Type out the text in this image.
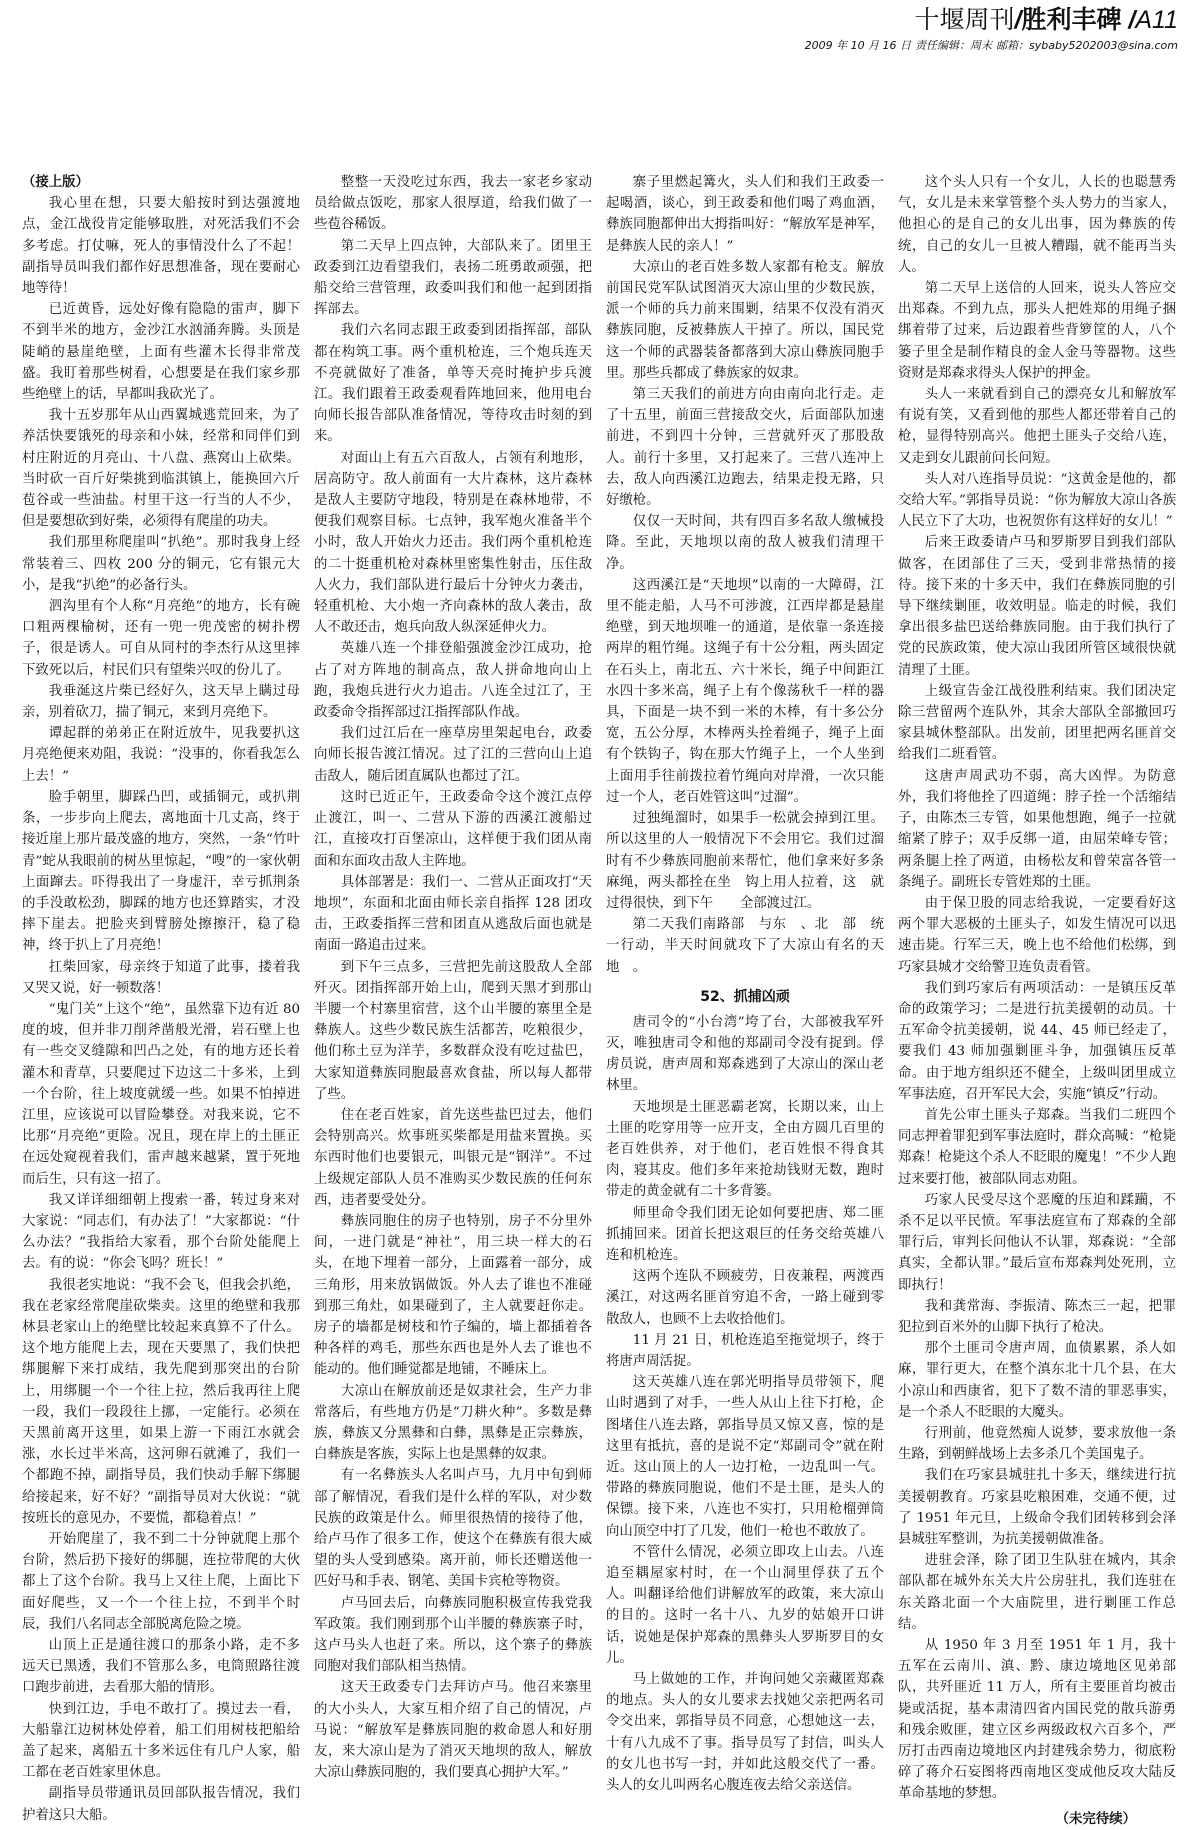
十堰周刊/胜利丰碑 /A11
2009 年 10 月 16 日 责任编辑：周末 邮箱：sybaby5202003@sina.com

（接上版）

我心里在想，只要大船按时到达强渡地点，金江战役肯定能够取胜，对死活我们不会多考虑。打仗嘛，死人的事情没什么了不起！副指导员叫我们都作好思想准备，现在要耐心地等待！

已近黄昏，远处好像有隐隐的雷声，脚下不到半米的地方，金沙江水汹涌奔腾。头顶是陡峭的悬崖绝壁，上面有些灌木长得非常茂盛。我盯着那些树看，心想要是在我们家乡那些绝壁上的话，早都叫我砍光了。

我十五岁那年从山西翼城逃荒回来，为了养活快要饿死的母亲和小妹，经常和同伴们到村庄附近的月亮山、十八盘、燕窝山上砍柴。当时砍一百斤好柴挑到临淇镇上，能换回六斤苞谷或一些油盐。村里干这一行当的人不少，但是要想砍到好柴，必须得有爬崖的功夫。

我们那里称爬崖叫“扒绝”。那时我身上经常装着三、四枚 200 分的铜元，它有银元大小，是我“扒绝”的必备行头。

泗沟里有个人称“月亮绝”的地方，长有碗口粗两棵榆树，还有一兜一兜茂密的树扑楞子，很是诱人。可自从同村的李杰行从这里摔下致死以后，村民们只有望柴兴叹的份儿了。

我垂涎这片柴已经好久，这天早上瞒过母亲，别着砍刀，揣了铜元，来到月亮绝下。

谭起群的弟弟正在附近放牛，见我要扒这月亮绝便来劝阻，我说：“没事的，你看我怎么上去！”

脸手朝里，脚踩凸凹，或插铜元，或扒荆条，一步步向上爬去，离地面十几丈高，终于接近崖上那片最茂盛的地方，突然，一条“竹叶青”蛇从我眼前的树丛里惊起，“嗖”的一家伙朝上面蹿去。吓得我出了一身虚汗，幸亏抓荆条的手没敢松劲，脚踩的地方也还算踏实，才没摔下崖去。把脸夹到臂膀处擦擦汗，稳了稳神，终于扒上了月亮绝！

扛柴回家，母亲终于知道了此事，搂着我又哭又说，好一顿数落！

“鬼门关”上这个“绝”，虽然靠下边有近 80 度的坡，但并非刀削斧凿般光滑，岩石壁上也有一些交叉缝隙和凹凸之处，有的地方还长着灌木和青草，只要爬过下边这二十多米，上到一个台阶，往上坡度就缓一些。如果不怕掉进江里，应该说可以冒险攀登。对我来说，它不比那“月亮绝”更险。况且，现在岸上的土匪正在远处窥视着我们，雷声越来越紧，置于死地而后生，只有这一招了。

我又详详细细朝上搜索一番，转过身来对大家说：“同志们，有办法了！”大家都说：“什么办法？”我指给大家看，那个台阶处能爬上去。有的说：“你会飞吗？班长！”

我很老实地说：“我不会飞，但我会扒绝，我在老家经常爬崖砍柴卖。这里的绝壁和我那林县老家山上的绝壁比较起来真算不了什么。这个地方能爬上去，现在天要黑了，我们快把绑腿解下来打成结，我先爬到那突出的台阶上，用绑腿一个一个往上拉，然后我再往上爬一段，我们一段段往上挪，一定能行。必须在天黑前离开这里，如果上游一下雨江水就会涨，水长过半米高，这河卵石就滩了，我们一个都跑不掉，副指导员，我们快动手解下绑腿给接起来，好不好？”副指导员对大伙说：“就按班长的意见办，不要慌，都稳着点！”

开始爬崖了，我不到二十分钟就爬上那个台阶，然后扔下接好的绑腿，连拉带爬的大伙都上了这个台阶。我马上又往上爬，上面比下面好爬些，又一个一个往上拉，不到半个时辰，我们八名同志全部脱离危险之境。

山顶上正是通往渡口的那条小路，走不多远天已黑透，我们不管那么多，电筒照路往渡口跑步前进，去看那大船的情形。

快到江边，手电不敢打了。摸过去一看，大船靠江边树林处停着，船工们用树枝把船给盖了起来，离船五十多米远住有几户人家，船工都在老百姓家里休息。

副指导员带通讯员回部队报告情况，我们护着这只大船。

整整一天没吃过东西，我去一家老乡家动员给做点饭吃，那家人很厚道，给我们做了一些苞谷稀饭。

第二天早上四点钟，大部队来了。团里王政委到江边看望我们，表扬二班勇敢顽强，把船交给三营管理，政委叫我们和他一起到团指挥部去。

我们六名同志跟王政委到团指挥部，部队都在构筑工事。两个重机枪连，三个炮兵连天不亮就做好了准备，单等天亮时掩护步兵渡江。我们跟着王政委观看阵地回来，他用电台向师长报告部队准备情况，等待攻击时刻的到来。

对面山上有五六百敌人，占领有利地形，居高防守。敌人前面有一大片森林，这片森林是敌人主要防守地段，特别是在森林地带，不便我们观察目标。七点钟，我军炮火准备半个小时，敌人开始火力还击。我们两个重机枪连的二十挺重机枪对森林里密集性射击，压住敌人火力，我们部队进行最后十分钟火力袭击，轻重机枪、大小炮一齐向森林的敌人袭击，敌人不敢还击，炮兵向敌人纵深延伸火力。

英雄八连一个排登船强渡金沙江成功，抢占了对方阵地的制高点，敌人拼命地向山上跑，我炮兵进行火力追击。八连全过江了，王政委命令指挥部过江指挥部队作战。

我们过江后在一座草房里架起电台，政委向师长报告渡江情况。过了江的三营向山上追击敌人，随后团直属队也都过了江。

这时已近正午，王政委命令这个渡江点停止渡江，叫一、二营从下游的西溪江渡船过江，直接攻打百堡凉山，这样便于我们团从南面和东面攻击敌人主阵地。

具体部署是：我们一、二营从正面攻打“天地坝”，东面和北面由师长亲自指挥 128 团攻击，王政委指挥三营和团直从逃敌后面也就是南面一路追击过来。

到下午三点多，三营把先前这股敌人全部歼灭。团指挥部开始上山，爬到天黑才到那山半腰一个村寨里宿营，这个山半腰的寨里全是彝族人。这些少数民族生活都苦，吃粮很少，他们称土豆为洋芋，多数群众没有吃过盐巴，大家知道彝族同胞最喜欢食盐，所以每人都带了些。

住在老百姓家，首先送些盐巴过去，他们会特别高兴。炊事班买柴都是用盐来置换。买东西时他们也要银元，叫银元是“钢洋”。不过上级规定部队人员不准购买少数民族的任何东西，违者要受处分。

彝族同胞住的房子也特别，房子不分里外间，一进门就是“神社”，用三块一样大的石头，在地下埋着一部分，上面露着一部分，成三角形，用来放锅做饭。外人去了谁也不准碰到那三角灶，如果碰到了，主人就要赶你走。房子的墙都是树枝和竹子编的，墙上都插着各种各样的鸡毛，那些东西也是外人去了谁也不能动的。他们睡觉都是地铺，不睡床上。

大凉山在解放前还是奴隶社会，生产力非常落后，有些地方仍是“刀耕火种”。多数是彝族，彝族又分黑彝和白彝，黑彝是正宗彝族，白彝族是客族，实际上也是黑彝的奴隶。

有一名彝族头人名叫卢马，九月中旬到师部了解情况，看我们是什么样的军队，对少数民族的政策是什么。师里很热情的接待了他，给卢马作了很多工作，使这个在彝族有很大威望的头人受到感染。离开前，师长还赠送他一匹好马和手表、钢笔、美国卡宾枪等物资。

卢马回去后，向彝族同胞积极宣传我党我军政策。我们刚到那个山半腰的彝族寨子时，这卢马头人也赶了来。所以，这个寨子的彝族同胞对我们部队相当热情。

这天王政委专门去拜访卢马。他召来寨里的大小头人，大家互相介绍了自己的情况，卢马说：“解放军是彝族同胞的救命恩人和好朋友，来大凉山是为了消灭天地坝的敌人，解放大凉山彝族同胞的，我们要真心拥护大军。”

寨子里燃起篝火，头人们和我们王政委一起喝酒，谈心，到王政委和他们喝了鸡血酒，彝族同胞都伸出大拇指叫好：“解放军是神军，是彝族人民的亲人！”

大凉山的老百姓多数人家都有枪支。解放前国民党军队试图消灭大凉山里的少数民族，派一个师的兵力前来围剿，结果不仅没有消灭彝族同胞，反被彝族人干掉了。所以，国民党这一个师的武器装备都落到大凉山彝族同胞手里。那些兵都成了彝族家的奴隶。

第三天我们的前进方向由南向北行走。走了十五里，前面三营接敌交火，后面部队加速前进，不到四十分钟，三营就歼灭了那股敌人。前行十多里，又打起来了。三营八连冲上去，敌人向西溪江边跑去，结果走投无路，只好缴枪。

仅仅一天时间，共有四百多名敌人缴械投降。至此，天地坝以南的敌人被我们清理干净。

这西溪江是“天地坝”以南的一大障碍，江里不能走船，人马不可涉渡，江西岸都是悬崖绝壁，到天地坝唯一的通道，是依靠一条连接两岸的粗竹绳。这绳子有十公分粗，两头固定在石头上，南北五、六十米长，绳子中间距江水四十多米高，绳子上有个像荡秋千一样的器具，下面是一块不到一米的木棒，有十多公分宽，五公分厚，木棒两头拴着绳子，绳子上面有个铁钩子，钩在那大竹绳子上，一个人坐到上面用手往前拨拉着竹绳向对岸滑，一次只能过一个人，老百姓管这叫“过溜”。

过独绳溜时，如果手一松就会掉到江里。所以这里的人一般情况下不会用它。我们过溜时有不少彝族同胞前来帮忙，他们拿来好多条麻绳，两头都拴在坐　钩上用人拉着，这　就过得很快，到下午　　全部渡过江。

第二天我们南路部　与东　、北　部　统一行动，半天时间就攻下了大凉山有名的天地　。

52、抓捕凶顽

唐司令的“小台湾”垮了台，大部被我军歼灭，唯独唐司令和他的郑副司令没有捉到。俘虏员说，唐声周和郑森逃到了大凉山的深山老林里。

天地坝是土匪恶霸老窝，长期以来，山上土匪的吃穿用等一应开支，全由方圆几百里的老百姓供养，对于他们，老百姓恨不得食其肉，寝其皮。他们多年来抢劫钱财无数，跑时带走的黄金就有二十多背篓。

师里命令我们团无论如何要把唐、郑二匪抓捕回来。团首长把这艰巨的任务交给英雄八连和机枪连。

这两个连队不顾疲劳，日夜兼程，两渡西溪江，对这两名匪首穷追不舍，一路上碰到零散敌人，也顾不上去收拾他们。

11 月 21 日，机枪连追至拖觉坝子，终于将唐声周活捉。

这天英雄八连在郭光明指导员带领下，爬山时遇到了对手，一些人从山上往下打枪，企图堵住八连去路，郭指导员又惊又喜，惊的是这里有抵抗，喜的是说不定“郑副司令”就在附近。这山顶上的人一边打枪，一边乱叫一气。带路的彝族同胞说，他们不是土匪，是头人的保镖。接下来，八连也不实打，只用枪榴弹筒向山顶空中打了几发，他们一枪也不敢放了。

不管什么情况，必须立即攻上山去。八连追至耦屋家村时，在一个山洞里俘获了五个人。叫翻译给他们讲解放军的政策，来大凉山的目的。这时一名十八、九岁的姑娘开口讲话，说她是保护郑森的黑彝头人罗斯罗目的女儿。

马上做她的工作，并询问她父亲藏匿郑森的地点。头人的女儿要求去找她父亲把两名司令交出来，郭指导员不同意，心想她这一去，十有八九成不了事。指导员写了封信，叫头人的女儿也书写一封，并如此这般交代了一番。头人的女儿叫两名心腹连夜去给父亲送信。

这个头人只有一个女儿，人长的也聪慧秀气，女儿是未来掌管整个头人势力的当家人，他担心的是自己的女儿出事，因为彝族的传统，自己的女儿一旦被人糟蹋，就不能再当头人。

第二天早上送信的人回来，说头人答应交出郑森。不到九点，那头人把姓郑的用绳子捆绑着带了过来，后边跟着些背箩筐的人，八个篓子里全是制作精良的金人金马等器物。这些资财是郑森求得头人保护的押金。

头人一来就看到自己的漂亮女儿和解放军有说有笑，又看到他的那些人都还带着自己的枪，显得特别高兴。他把土匪头子交给八连，又走到女儿跟前问长问短。

头人对八连指导员说：“这黄金是他的，都交给大军。”郭指导员说：“你为解放大凉山各族人民立下了大功，也祝贺你有这样好的女儿！”

后来王政委请卢马和罗斯罗目到我们部队做客，在团部住了三天，受到非常热情的接待。接下来的十多天中，我们在彝族同胞的引导下继续剿匪，收效明显。临走的时候，我们拿出很多盐巴送给彝族同胞。由于我们执行了党的民族政策，使大凉山我团所管区域很快就清理了土匪。

上级宣告金江战役胜利结束。我们团决定除三营留两个连队外，其余大部队全部撤回巧家县城休整部队。出发前，团里把两名匪首交给我们二班看管。

这唐声周武功不弱，高大凶悍。为防意外，我们将他拴了四道绳：脖子拴一个活缩结子，由陈杰三专管，如果他想跑，绳子一拉就缩紧了脖子；双手反绑一道，由屈荣峰专管；两条腿上拴了两道，由杨松友和曾荣富各管一条绳子。副班长专管姓郑的土匪。

由于保卫股的同志给我说，一定要看好这两个罪大恶极的土匪头子，如发生情况可以迅速击毙。行军三天，晚上也不给他们松绑，到巧家县城才交给警卫连负责看管。

我们到巧家后有两项活动：一是镇压反革命的政策学习；二是进行抗美援朝的动员。十五军命令抗美援朝，说 44、45 师已经走了，要我们 43 师加强剿匪斗争，加强镇压反革命。由于地方组织还不健全，上级叫团里成立军事法庭，召开军民大会，实施“镇反”行动。

首先公审土匪头子郑森。当我们二班四个同志押着罪犯到军事法庭时，群众高喊：“枪毙郑森！枪毙这个杀人不眨眼的魔鬼！”不少人跑过来要打他，被部队同志劝阻。

巧家人民受尽这个恶魔的压迫和蹂躏，不杀不足以平民愤。军事法庭宣布了郑森的全部罪行后，审判长问他认不认罪，郑森说：“全部真实，全都认罪。”最后宣布郑森判处死刑，立即执行！

我和龚常海、李振清、陈杰三一起，把罪犯拉到百米外的山脚下执行了枪决。

那个土匪司令唐声周，血债累累，杀人如麻，罪行更大，在整个滇东北十几个县，在大小凉山和西康省，犯下了数不清的罪恶事实，是一个杀人不眨眼的大魔头。

行刑前，他竟然痴人说梦，要求放他一条生路，到朝鲜战场上去多杀几个美国鬼子。

我们在巧家县城驻扎十多天，继续进行抗美援朝教育。巧家县吃粮困难，交通不便，过了 1951 年元旦，上级命令我们团转移到会泽县城驻军整训，为抗美援朝做准备。

进驻会泽，除了团卫生队驻在城内，其余部队都在城外东关大片公房驻扎，我们连驻在东关路北面一个大庙院里，进行剿匪工作总结。

从 1950 年 3 月至 1951 年 1 月，我十五军在云南川、滇、黔、康边境地区见弟部队，共歼匪近 11 万人，所有主要匪首均被击毙或活捉，基本肃清四省内国民党的散兵游勇和残余败匪，建立区乡两级政权六百多个，严厉打击西南边境地区内封建残余势力，彻底粉碎了蒋介石妄图将西南地区变成他反攻大陆反革命基地的梦想。

（未完待续）
